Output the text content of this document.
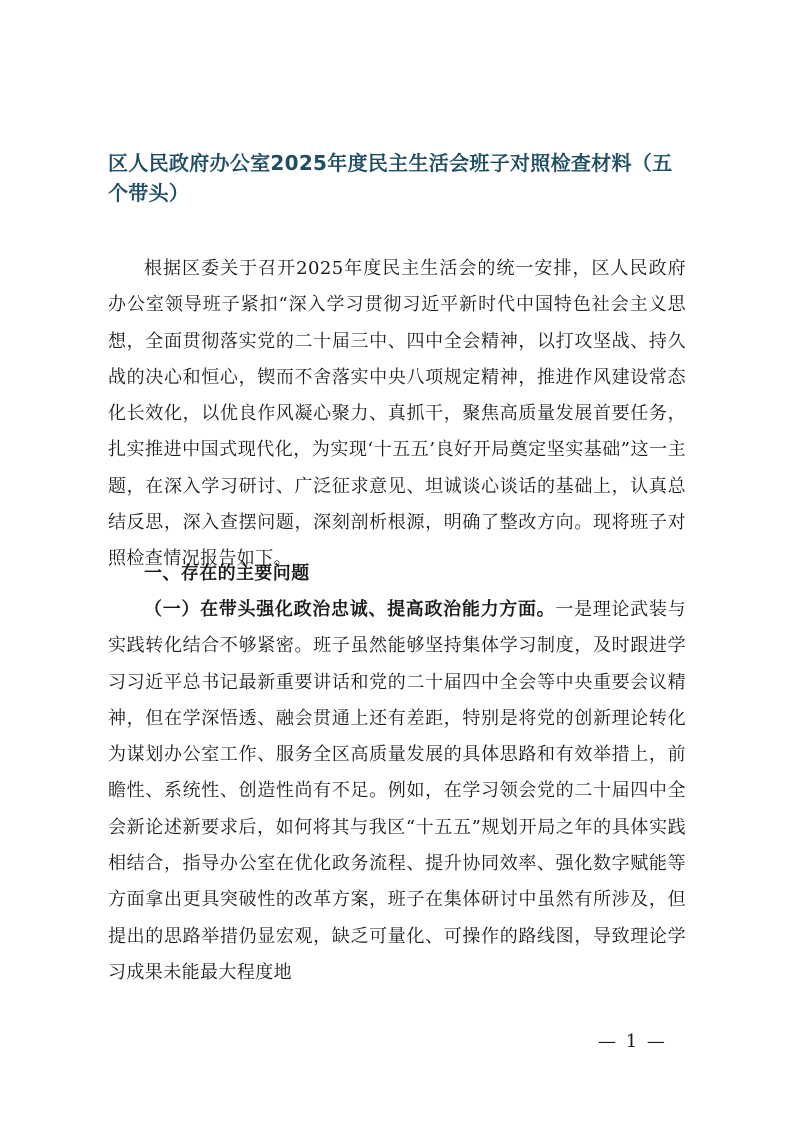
区人民政府办公室2025年度民主生活会班子对照检查材料（五个带头）

根据区委关于召开2025年度民主生活会的统一安排，区人民政府办公室领导班子紧扣“深入学习贯彻习近平新时代中国特色社会主义思想，全面贯彻落实党的二十届三中、四中全会精神，以打攻坚战、持久战的决心和恒心，锲而不舍落实中央八项规定精神，推进作风建设常态化长效化，以优良作风凝心聚力、真抓干，聚焦高质量发展首要任务，扎实推进中国式现代化，为实现‘十五五’良好开局奠定坚实基础”这一主题，在深入学习研讨、广泛征求意见、坦诚谈心谈话的基础上，认真总结反思，深入查摆问题，深刻剖析根源，明确了整改方向。现将班子对照检查情况报告如下。

一、存在的主要问题

（一）在带头强化政治忠诚、提高政治能力方面。一是理论武装与实践转化结合不够紧密。班子虽然能够坚持集体学习制度，及时跟进学习习近平总书记最新重要讲话和党的二十届四中全会等中央重要会议精神，但在学深悟透、融会贯通上还有差距，特别是将党的创新理论转化为谋划办公室工作、服务全区高质量发展的具体思路和有效举措上，前瞻性、系统性、创造性尚有不足。例如，在学习领会党的二十届四中全会新论述新要求后，如何将其与我区“十五五”规划开局之年的具体实践相结合，指导办公室在优化政务流程、提升协同效率、强化数字赋能等方面拿出更具突破性的改革方案，班子在集体研讨中虽然有所涉及，但提出的思路举措仍显宏观，缺乏可量化、可操作的路线图，导致理论学习成果未能最大程度地

— 1 —
